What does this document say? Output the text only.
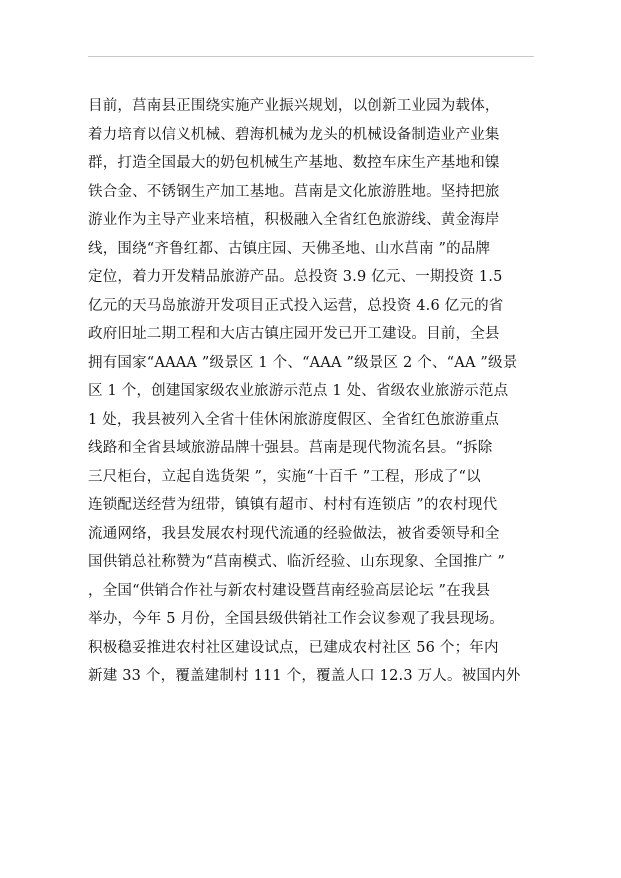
目前，莒南县正围绕实施产业振兴规划，以创新工业园为载体，
着力培育以信义机械、碧海机械为龙头的机械设备制造业产业集
群，打造全国最大的奶包机械生产基地、数控车床生产基地和镍
铁合金、不锈钢生产加工基地。莒南是文化旅游胜地。坚持把旅
游业作为主导产业来培植，积极融入全省红色旅游线、黄金海岸
线，围绕“齐鲁红都、古镇庄园、天佛圣地、山水莒南 ”的品牌
定位，着力开发精品旅游产品。总投资 3.9 亿元、一期投资 1.5
亿元的天马岛旅游开发项目正式投入运营，总投资 4.6 亿元的省
政府旧址二期工程和大店古镇庄园开发已开工建设。目前，全县
拥有国家“AAAA ”级景区 1 个、“AAA ”级景区 2 个、“AA ”级景
区 1 个，创建国家级农业旅游示范点 1 处、省级农业旅游示范点
1 处，我县被列入全省十佳休闲旅游度假区、全省红色旅游重点
线路和全省县域旅游品牌十强县。莒南是现代物流名县。“拆除
三尺柜台，立起自选货架 ”，实施“十百千 ”工程，形成了“以
连锁配送经营为纽带，镇镇有超市、村村有连锁店 ”的农村现代
流通网络，我县发展农村现代流通的经验做法，被省委领导和全
国供销总社称赞为“莒南模式、临沂经验、山东现象、全国推广 ”
，全国“供销合作社与新农村建设暨莒南经验高层论坛 ”在我县
举办，今年 5 月份，全国县级供销社工作会议参观了我县现场。
积极稳妥推进农村社区建设试点，已建成农村社区 56 个；年内
新建 33 个，覆盖建制村 111 个，覆盖人口 12.3 万人。被国内外
